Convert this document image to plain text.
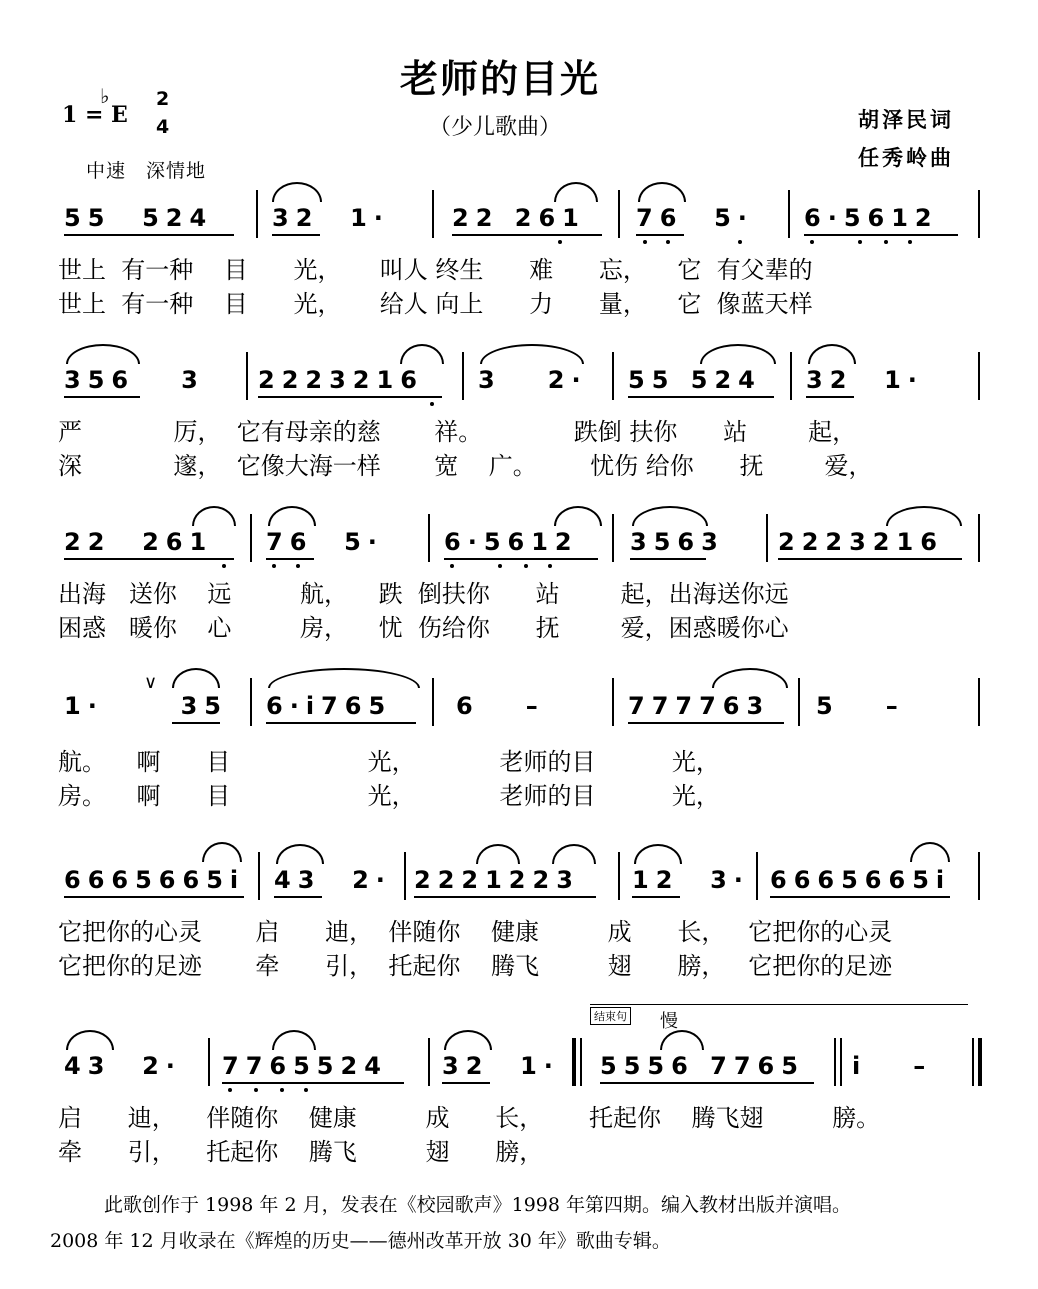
老师的目光
（少儿歌曲）	胡泽民词
任秀岭曲
♭
1 = E
2
4
中速　深情地
55  524 32  1·	22 261 76  5· 6·5612
世上  有一种    目      光，     叫人 终生      难      忘，    它  有父辈的
世上  有一种    目      光，     给人 向上      力      量，    它  像蓝天样
356   3 2223216 3   2· 55 524 32  1·
严            厉，  它有母亲的慈       祥。            跌倒 扶你      站        起，
深            邃，  它像大海一样       宽    广。       忧伤 给你      抚        爱，
22  261 76  5·	6·5612 3563 2223216
出海   送你    远         航，    跌  倒扶你      站        起，出海送你远
困惑   暖你    心         房，    忧  伤给你      抚        爱，困惑暖你心
1·     35 6·i765	6   –	777763 5   –
∨
航。    啊      目                  光，           老师的目          光，
房。    啊      目                  光，           老师的目          光，
6665665i 43  2· 2221223 12  3· 6665665i
它把你的心灵       启      迪，  伴随你    健康         成      长，   它把你的心灵
它把你的足迹       牵      引，  托起你    腾飞         翅      膀，   它把你的足迹
结束句 慢
43  2· 7765524 32  1· 5556 7765 i   –
启      迪，    伴随你    健康         成      长，      托起你    腾飞翅         膀。
牵      引，    托起你    腾飞         翅      膀，
此歌创作于 1998 年 2 月，发表在《校园歌声》1998 年第四期。编入教材出版并演唱。
2008 年 12 月收录在《辉煌的历史——德州改革开放 30 年》歌曲专辑。
